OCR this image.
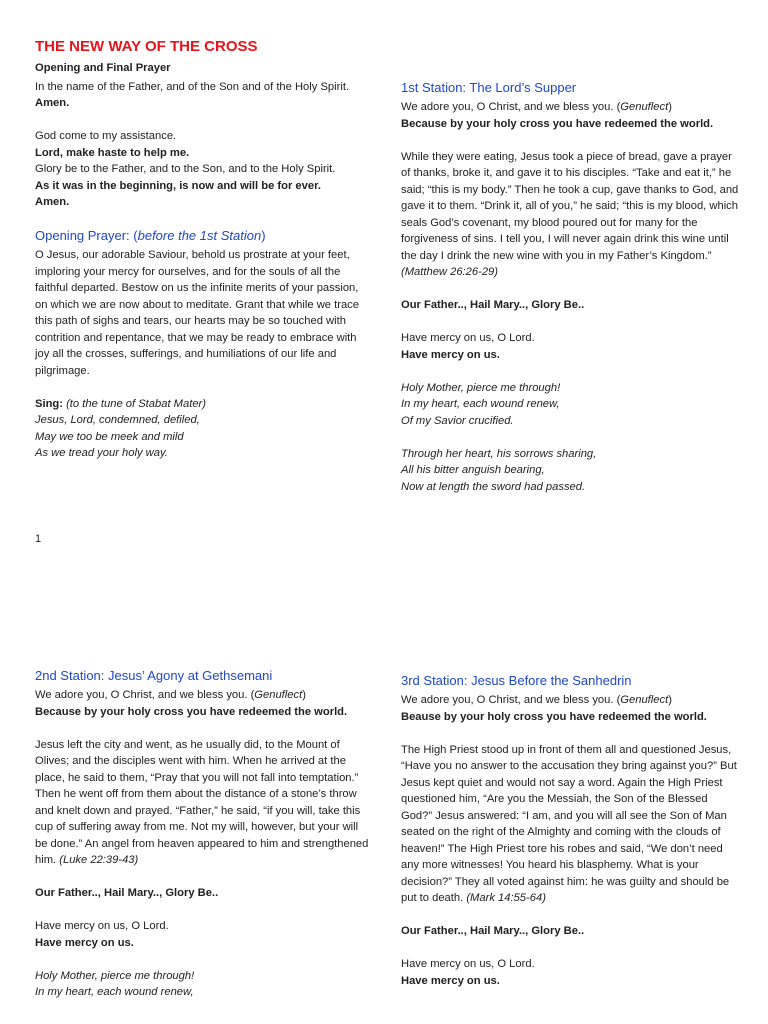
THE NEW WAY OF THE CROSS

Opening and Final Prayer

In the name of the Father, and of the Son and of the Holy Spirit.

Amen.

God come to my assistance.

Lord, make haste to help me.

Glory be to the Father, and to the Son, and to the Holy Spirit.

As it was in the beginning, is now and will be for ever.

Amen.

Opening Prayer: (before the 1st Station)

O Jesus, our adorable Saviour, behold us prostrate at your feet, imploring your mercy for ourselves, and for the souls of all the faithful departed. Bestow on us the infinite merits of your passion, on which we are now about to meditate. Grant that while we trace this path of sighs and tears, our hearts may be so touched with contrition and repentance, that we may be ready to embrace with joy all the crosses, sufferings, and humiliations of our life and pilgrimage.

Sing: (to the tune of Stabat Mater)

Jesus, Lord, condemned, defiled,

May we too be meek and mild

As we tread your holy way.

1
1st Station: The Lord’s Supper

We adore you, O Christ, and we bless you. (Genuflect)

Because by your holy cross you have redeemed the world.

While they were eating, Jesus took a piece of bread, gave a prayer of thanks, broke it, and gave it to his disciples. “Take and eat it,” he said; “this is my body.” Then he took a cup, gave thanks to God, and gave it to them. “Drink it, all of you,” he said; “this is my blood, which seals God’s covenant, my blood poured out for many for the forgiveness of sins. I tell you, I will never again drink this wine until the day I drink the new wine with you in my Father’s Kingdom.” (Matthew 26:26-29)

Our Father.., Hail Mary.., Glory Be..

Have mercy on us, O Lord.

Have mercy on us.

Holy Mother, pierce me through!

In my heart, each wound renew,

Of my Savior crucified.

Through her heart, his sorrows sharing,

All his bitter anguish bearing,

Now at length the sword had passed.

2nd Station: Jesus’ Agony at Gethsemani

We adore you, O Christ, and we bless you. (Genuflect)

Because by your holy cross you have redeemed the world.

Jesus left the city and went, as he usually did, to the Mount of Olives; and the disciples went with him. When he arrived at the place, he said to them, “Pray that you will not fall into temptation.” Then he went off from them about the distance of a stone’s throw and knelt down and prayed. “Father,” he said, “if you will, take this cup of suffering away from me. Not my will, however, but your will be done.” An angel from heaven appeared to him and strengthened him. (Luke 22:39-43)

Our Father.., Hail Mary.., Glory Be..

Have mercy on us, O Lord.

Have mercy on us.

Holy Mother, pierce me through!

In my heart, each wound renew,

3rd Station: Jesus Before the Sanhedrin

We adore you, O Christ, and we bless you. (Genuflect)

Beause by your holy cross you have redeemed the world.

The High Priest stood up in front of them all and questioned Jesus, “Have you no answer to the accusation they bring against you?” But Jesus kept quiet and would not say a word. Again the High Priest questioned him, “Are you the Messiah, the Son of the Blessed God?” Jesus answered: “I am, and you will all see the Son of Man seated on the right of the Almighty and coming with the clouds of heaven!” The High Priest tore his robes and said, “We don’t need any more witnesses! You heard his blasphemy. What is your decision?” They all voted against him: he was guilty and should be put to death. (Mark 14:55-64)

Our Father.., Hail Mary.., Glory Be..

Have mercy on us, O Lord.

Have mercy on us.
